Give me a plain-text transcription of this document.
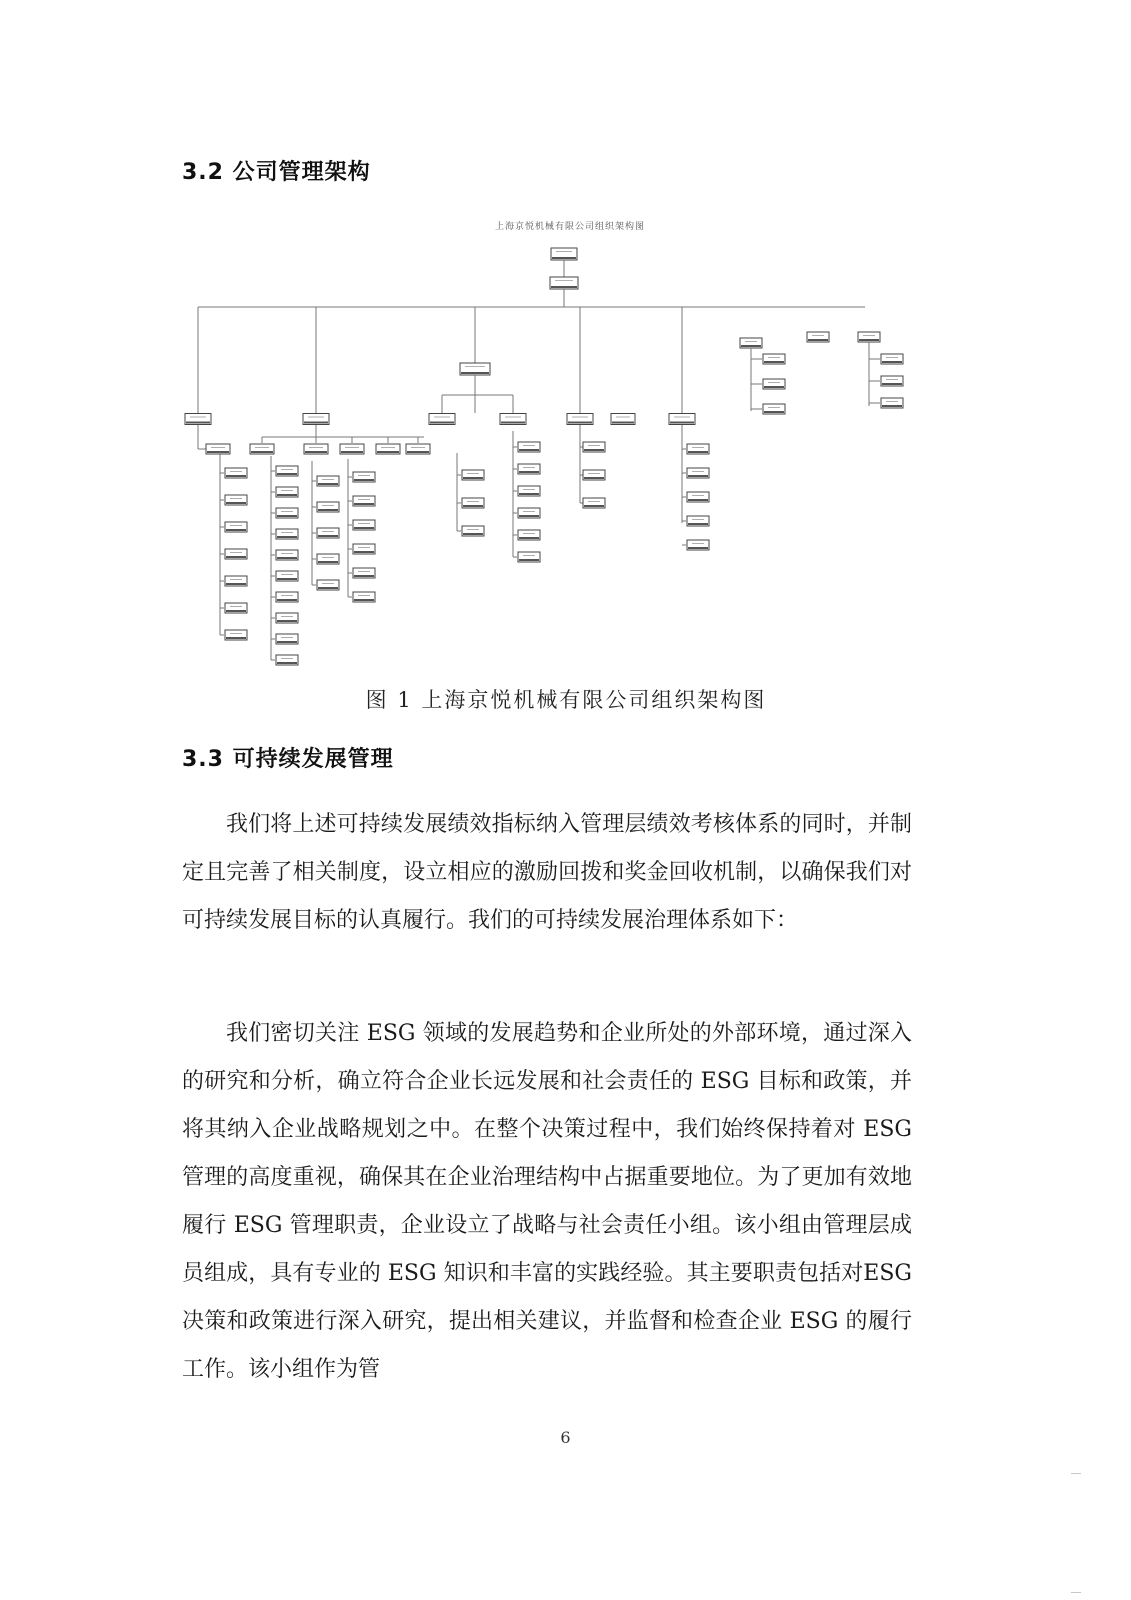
3.2 公司管理架构
上海京悦机械有限公司组织架构图

图 1 上海京悦机械有限公司组织架构图

3.3 可持续发展管理

我们将上述可持续发展绩效指标纳入管理层绩效考核体系的同时，并制定且完善了相关制度，设立相应的激励回拨和奖金回收机制，以确保我们对可持续发展目标的认真履行。我们的可持续发展治理体系如下：

我们密切关注 ESG 领域的发展趋势和企业所处的外部环境，通过深入的研究和分析，确立符合企业长远发展和社会责任的 ESG 目标和政策，并将其纳入企业战略规划之中。在整个决策过程中，我们始终保持着对 ESG 管理的高度重视，确保其在企业治理结构中占据重要地位。为了更加有效地履行 ESG 管理职责，企业设立了战略与社会责任小组。该小组由管理层成员组成，具有专业的 ESG 知识和丰富的实践经验。其主要职责包括对ESG决策和政策进行深入研究，提出相关建议，并监督和检查企业 ESG 的履行工作。该小组作为管

6
